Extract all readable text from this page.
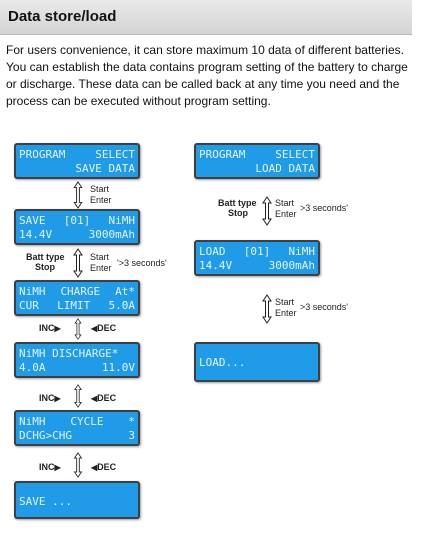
Data store/load
For users convenience, it can store maximum 10 data of different batteries. You can establish the data contains program setting of the battery to charge or discharge. These data can be called back at any time you need and the process can be executed without program setting.
PROGRAM	SELECT
SAVE DATA
Start
Enter
SAVE [01] NiMH
14.4V	3000mAh
Batt type
Stop
Start
Enter '>3 seconds'
NiMH CHARGE At*
CUR LIMIT 5.0A
INC▶	◀DEC
NiMH DISCHARGE*
4.0A	11.0V
INC▶	◀DEC
NiMH CYCLE *
DCHG>CHG	3
INC▶	◀DEC
SAVE ...
PROGRAM	SELECT
LOAD DATA
Batt type
Stop
Start
Enter
>3 seconds'
LOAD [01] NiMH
14.4V	3000mAh
Start
Enter
>3 seconds'
LOAD...
